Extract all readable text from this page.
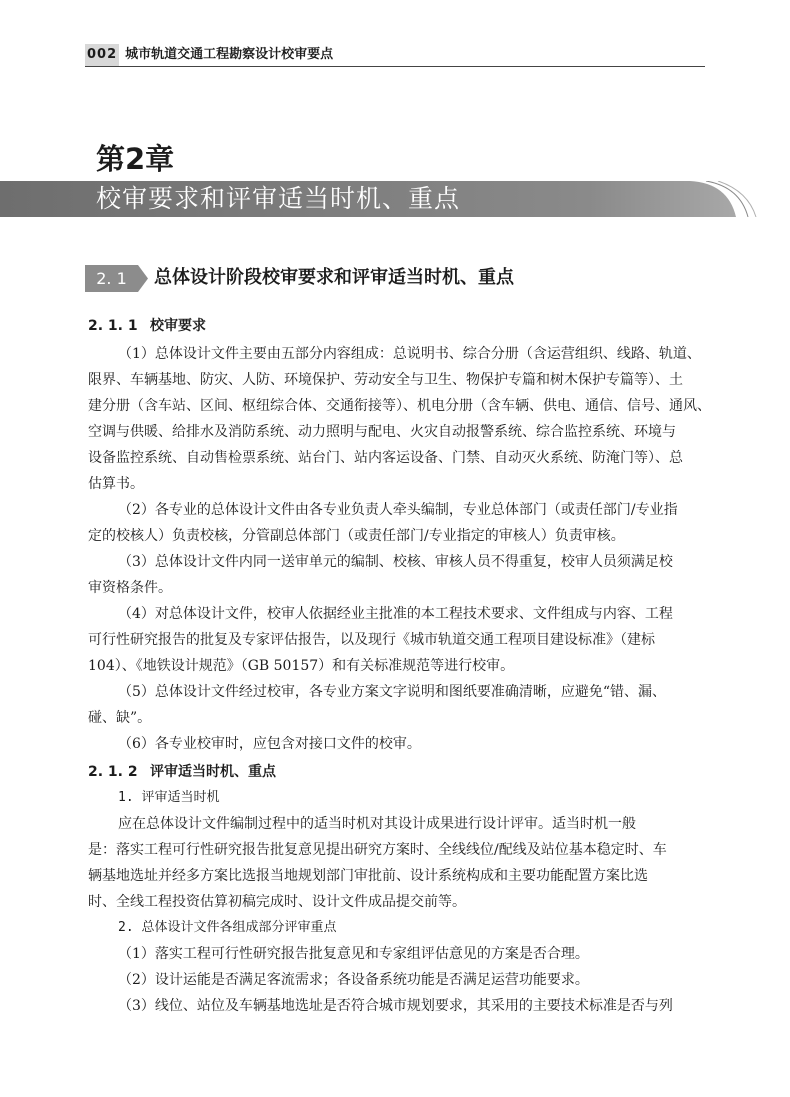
002 城市轨道交通工程勘察设计校审要点
第2章
校审要求和评审适当时机、重点
2. 1	总体设计阶段校审要求和评审适当时机、重点
2. 1. 1 校审要求
（1）总体设计文件主要由五部分内容组成：总说明书、综合分册（含运营组织、线路、轨道、
限界、车辆基地、防灾、人防、环境保护、劳动安全与卫生、物保护专篇和树木保护专篇等）、土
建分册（含车站、区间、枢纽综合体、交通衔接等）、机电分册（含车辆、供电、通信、信号、通风、
空调与供暖、给排水及消防系统、动力照明与配电、火灾自动报警系统、综合监控系统、环境与
设备监控系统、自动售检票系统、站台门、站内客运设备、门禁、自动灭火系统、防淹门等）、总
估算书。
（2）各专业的总体设计文件由各专业负责人牵头编制，专业总体部门（或责任部门/专业指
定的校核人）负责校核，分管副总体部门（或责任部门/专业指定的审核人）负责审核。
（3）总体设计文件内同一送审单元的编制、校核、审核人员不得重复，校审人员须满足校
审资格条件。
（4）对总体设计文件，校审人依据经业主批准的本工程技术要求、文件组成与内容、工程
可行性研究报告的批复及专家评估报告，以及现行《城市轨道交通工程项目建设标准》（建标
104）、《地铁设计规范》（GB 50157）和有关标准规范等进行校审。
（5）总体设计文件经过校审，各专业方案文字说明和图纸要准确清晰，应避免“错、漏、
碰、缺”。
（6）各专业校审时，应包含对接口文件的校审。
2. 1. 2 评审适当时机、重点
1. 评审适当时机
应在总体设计文件编制过程中的适当时机对其设计成果进行设计评审。适当时机一般
是：落实工程可行性研究报告批复意见提出研究方案时、全线线位/配线及站位基本稳定时、车
辆基地选址并经多方案比选报当地规划部门审批前、设计系统构成和主要功能配置方案比选
时、全线工程投资估算初稿完成时、设计文件成品提交前等。
2. 总体设计文件各组成部分评审重点
（1）落实工程可行性研究报告批复意见和专家组评估意见的方案是否合理。
（2）设计运能是否满足客流需求；各设备系统功能是否满足运营功能要求。
（3）线位、站位及车辆基地选址是否符合城市规划要求，其采用的主要技术标准是否与列
